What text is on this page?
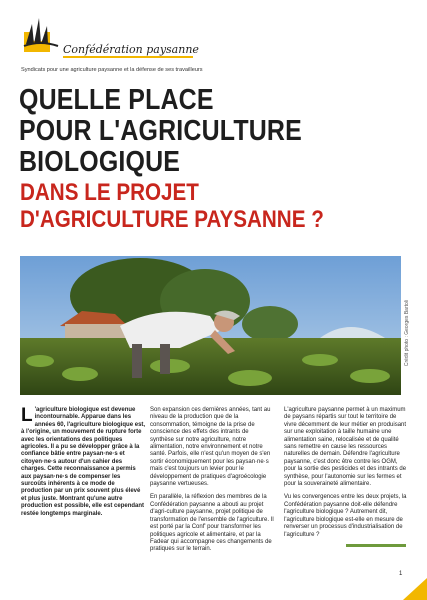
Confédération paysanne
Syndicats pour une agriculture paysanne et la défense de ses travailleurs
QUELLE PLACE
POUR L'AGRICULTURE
BIOLOGIQUE
DANS LE PROJET
D'AGRICULTURE PAYSANNE ?
Crédit photo : Georges Bartoli
L 'agriculture biologique est devenue incontournable. Apparue dans les années 60, l'agriculture biologique est, à l'origine, un mouvement de rupture forte avec les orientations des politiques agricoles. Il a pu se développer grâce à la confiance bâtie entre paysan·ne·s et citoyen·ne·s autour d'un cahier des charges. Cette reconnaissance a permis aux paysan·ne·s de compenser les surcoûts inhérents à ce mode de production par un prix souvent plus élevé et plus juste. Montrant qu'une autre production est possible, elle est cependant restée longtemps marginale.

Son expansion ces dernières années, tant au niveau de la production que de la consommation, témoigne de la prise de conscience des effets des intrants de synthèse sur notre agriculture, notre alimentation, notre environnement et notre santé. Parfois, elle n'est qu'un moyen de s'en sortir économiquement pour les paysan·ne·s mais c'est toujours un levier pour le développement de pratiques d'agroécologie paysanne vertueuses.

En parallèle, la réflexion des membres de la Confédération paysanne a abouti au projet d'agri-culture paysanne, projet politique de transformation de l'ensemble de l'agriculture. Il est porté par la Conf' pour transformer les politiques agricole et alimentaire, et par la Fadear qui accompagne ces changements de pratiques sur le terrain.

L'agriculture paysanne permet à un maximum de paysans répartis sur tout le territoire de vivre décemment de leur métier en produisant sur une exploitation à taille humaine une alimentation saine, relocalisée et de qualité sans remettre en cause les ressources naturelles de demain. Défendre l'agriculture paysanne, c'est donc être contre les OGM, pour la sortie des pesticides et des intrants de synthèse, pour l'autonomie sur les fermes et pour la souveraineté alimentaire.

Vu les convergences entre les deux projets, la Confédération paysanne doit-elle défendre l'agriculture biologique ? Autrement dit, l'agriculture biologique est-elle en mesure de renverser un processus d'industrialisation de l'agriculture ?

1
